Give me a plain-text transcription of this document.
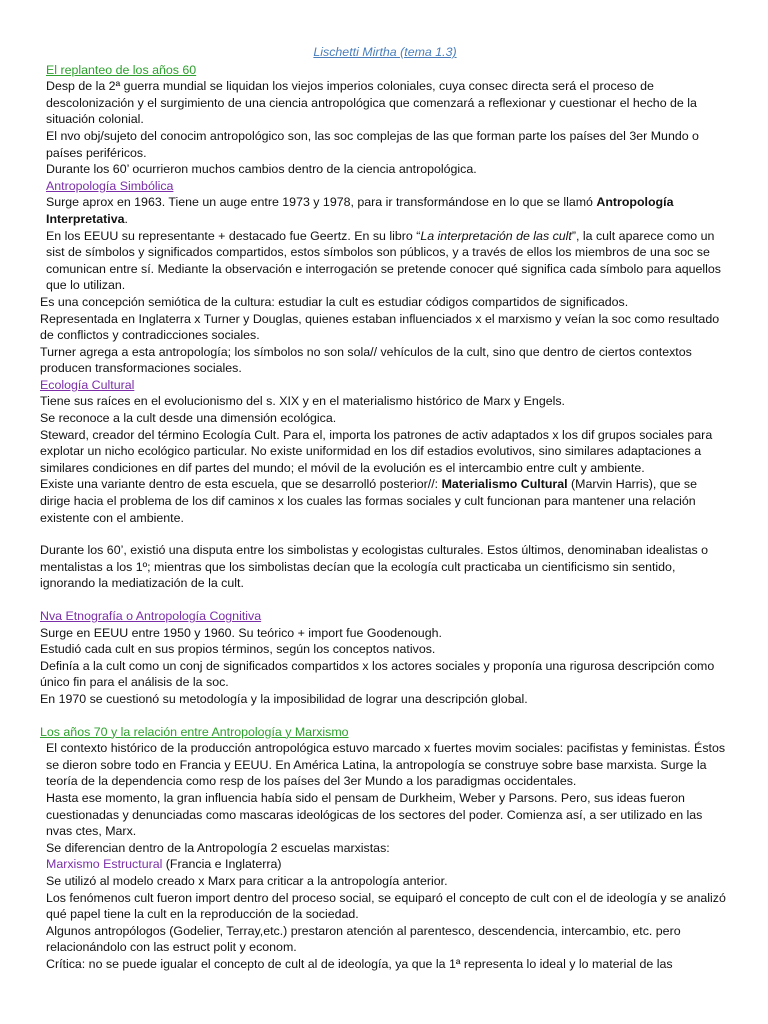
Lischetti Mirtha (tema 1.3)

El replanteo de los años 60

Desp de la 2ª guerra mundial se liquidan los viejos imperios coloniales, cuya consec directa será el proceso de descolonización y el surgimiento de una ciencia antropológica que comenzará a reflexionar y cuestionar el hecho de la situación colonial.

El nvo obj/sujeto del conocim antropológico son, las soc complejas de las que forman parte los países del 3er Mundo o países periféricos.

Durante los 60’ ocurrieron muchos cambios dentro de la ciencia antropológica.

Antropología Simbólica

Surge aprox en 1963. Tiene un auge entre 1973 y 1978, para ir transformándose en lo que se llamó Antropología Interpretativa.

En los EEUU su representante + destacado fue Geertz. En su libro “La interpretación de las cult”, la cult aparece como un sist de símbolos y significados compartidos, estos símbolos son públicos, y a través de ellos los miembros de una soc se comunican entre sí. Mediante la observación e interrogación se pretende conocer qué significa cada símbolo para aquellos que lo utilizan.

Es una concepción semiótica de la cultura: estudiar la cult es estudiar códigos compartidos de significados.

Representada en Inglaterra x Turner y Douglas, quienes estaban influenciados x el marxismo y veían la soc como resultado de conflictos y contradicciones sociales.

Turner agrega a esta antropología; los símbolos no son sola// vehículos de la cult, sino que dentro de ciertos contextos producen transformaciones sociales.

Ecología Cultural

Tiene sus raíces en el evolucionismo del s. XIX y en el materialismo histórico de Marx y Engels.

Se reconoce a la cult desde una dimensión ecológica.

Steward, creador del término Ecología Cult. Para el, importa los patrones de activ adaptados x los dif grupos sociales para explotar un nicho ecológico particular. No existe uniformidad en los dif estadios evolutivos, sino similares adaptaciones a similares condiciones en dif partes del mundo; el móvil de la evolución es el intercambio entre cult y ambiente.

Existe una variante dentro de esta escuela, que se desarrolló posterior//: Materialismo Cultural (Marvin Harris), que se dirige hacia el problema de los dif caminos x los cuales las formas sociales y cult funcionan para mantener una relación existente con el ambiente.

Durante los 60’, existió una disputa entre los simbolistas y ecologistas culturales. Estos últimos, denominaban idealistas o mentalistas a los 1º; mientras que los simbolistas decían que la ecología cult practicaba un cientificismo sin sentido, ignorando la mediatización de la cult.

Nva Etnografía o Antropología Cognitiva

Surge en EEUU entre 1950 y 1960. Su teórico + import fue Goodenough.

Estudió cada cult en sus propios términos, según los conceptos nativos.

Definía a la cult como un conj de significados compartidos x los actores sociales y proponía una rigurosa descripción como único fin para el análisis de la soc.

En 1970 se cuestionó su metodología y la imposibilidad de lograr una descripción global.

Los años 70 y la relación entre Antropología y Marxismo

El contexto histórico de la producción antropológica estuvo marcado x fuertes movim sociales: pacifistas y feministas. Éstos se dieron sobre todo en Francia y EEUU. En América Latina, la antropología se construye sobre base marxista. Surge la teoría de la dependencia como resp de los países del 3er Mundo a los paradigmas occidentales.

Hasta ese momento, la gran influencia había sido el pensam de Durkheim, Weber y Parsons. Pero, sus ideas fueron cuestionadas y denunciadas como mascaras ideológicas de los sectores del poder. Comienza así, a ser utilizado en las nvas ctes, Marx.

Se diferencian dentro de la Antropología 2 escuelas marxistas:

Marxismo Estructural (Francia e Inglaterra)

Se utilizó al modelo creado x Marx para criticar a la antropología anterior.

Los fenómenos cult fueron import dentro del proceso social, se equiparó el concepto de cult con el de ideología y se analizó qué papel tiene la cult en la reproducción de la sociedad.

Algunos antropólogos (Godelier, Terray,etc.) prestaron atención al parentesco, descendencia, intercambio, etc. pero relacionándolo con las estruct polit y econom.

Crítica: no se puede igualar el concepto de cult al de ideología, ya que la 1ª representa lo ideal y lo material de las
